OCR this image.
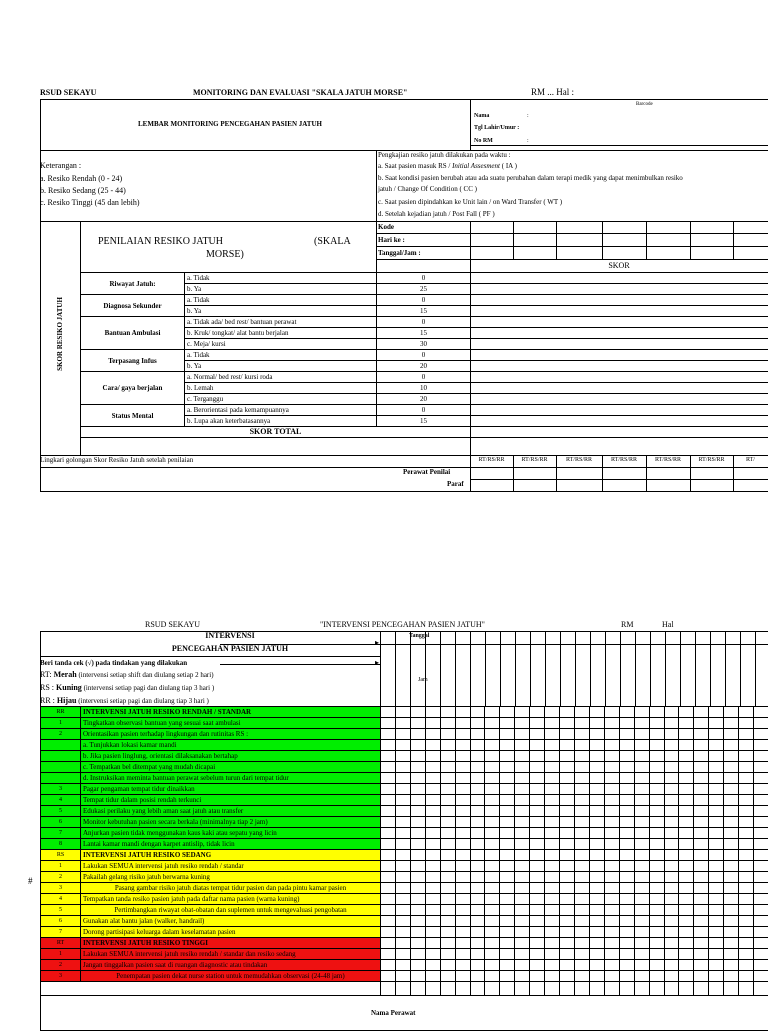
RSUD SEKAYU	MONITORING DAN EVALUASI "SKALA JATUH MORSE"	RM ... Hal :
LEMBAR MONITORING PENCEGAHAN PASIEN JATUH
Barcode
Nama	:
Tgl Lahir/Umur :
No RM	:
Keterangan :
a. Resiko Rendah (0 - 24)
b. Resiko Sedang (25 - 44)
c. Resiko Tinggi (45 dan lebih)
Pengkajian resiko jatuh dilakukan pada waktu :
a. Saat pasien masuk RS / Initial Assesment ( IA )
b. Saat kondisi pasien berubah atau ada suatu perubahan dalam terapi medik yang dapat menimbulkan resiko
jatuh / Change Of Condition ( CC )
c. Saat pasien dipindahkan ke Unit lain / on Ward Transfer ( WT )
d. Setelah kejadian jatuh / Post Fall ( PF )
SKOR RESIKO JATUH
PENILAIAN RESIKO JATUH	(SKALA
MORSE)
Kode
Hari ke :
Tanggal/Jam :
SKOR
Riwayat Jatuh:	a. Tidak	0	
	b. Ya	25	
Diagnosa Sekunder	a. Tidak	0	
	b. Ya	15	
Bantuan Ambulasi	a. Tidak ada/ bed rest/ bantuan perawat	0	
	b. Kruk/ tongkat/ alat bantu berjalan	15	
	c. Meja/ kursi	30	
Terpasang Infus	a. Tidak	0	
	b. Ya	20	
Cara/ gaya berjalan	a. Normal/ bed rest/ kursi roda	0	
	b. Lemah	10	
	c. Terganggu	20	
Status Mental	a. Berorientasi pada kemampuannya	0	
	b. Lupa akan keterbatasannya	15	
SKOR TOTAL			
Lingkari golongan Skor Resiko Jatuh setelah penilaian
Perawat Penilai
Paraf
RT/RS/RR	RT/RS/RR	RT/RS/RR	RT/RS/RR	RT/RS/RR	RT/RS/RR	RT/
RSUD SEKAYU	"INTERVENSI PENCEGAHAN PASIEN JATUH"	RM	Hal
INTERVENSI
PENCEGAHAN PASIEN JATUH
Tanggal
Jam
▸
▸
Beri tanda cek (√) pada tindakan yang dilakukan
RT: Merah (intervensi setiap shift dan diulang setiap 2 hari)
RS : Kuning (intervensi setiap pagi dan diulang tiap 3 hari )
RR : Hijau (intervensi setiap pagi dan diulang tiap 3 hari )
#
RR	INTERVENSI JATUH RESIKO RENDAH / STANDAR																										
1	Tingkatkan observasi bantuan yang sesuai saat ambulasi																										
2	Orientasikan pasien terhadap lingkungan dan rutinitas RS :																										
	a. Tunjukkan lokasi kamar mandi																										
	b. Jika pasien linglung, orientasi dilaksanakan bertahap																										
	c. Tempatkan bel ditempat yang mudah dicapai																										
	d. Instruksikan meminta bantuan perawat sebelum turun dari tempat tidur																										
3	Pagar pengaman tempat tidur dinaikkan																										
4	Tempat tidur dalam posisi rendah terkunci																										
5	Edukasi perilaku yang lebih aman saat jatuh atau transfer																										
6	Monitor kebutuhan pasien secara berkala (minimalnya tiap 2 jam)																										
7	Anjurkan pasien tidak menggunakan kaus kaki atau sepatu yang licin																										
8	Lantai kamar mandi dengan karpet antislip, tidak licin																										
RS	INTERVENSI JATUH RESIKO SEDANG																										
1	Lakukan SEMUA intervensi jatuh resiko rendah / standar																										
2	Pakailah gelang risiko jatuh berwarna kuning																										
3	Pasang gambar risiko jatuh diatas tempat tidur pasien dan pada pintu kamar pasien																										
4	Tempatkan tanda resiko pasien jatuh pada daftar nama pasien (warna kuning)																										
5	Pertimbangkan riwayat obat-obatan dan suplemen untuk mengevaluasi pengobatan																										
6	Gunakan alat bantu jalan (walker, handrail)																										
7	Dorong partisipasi keluarga dalam keselamatan pasien																										
RT	INTERVENSI JATUH RESIKO TINGGI																										
1	Lakukan SEMUA intervensi jatuh resiko rendah / standar dan resiko sedang																										
2	Jangan tinggalkan pasien saat di ruangan diagnostic atau tindakan																										
3	Penempatan pasien dekat nurse station untuk memudahkan observasi (24-48 jam)																										

Nama Perawat
